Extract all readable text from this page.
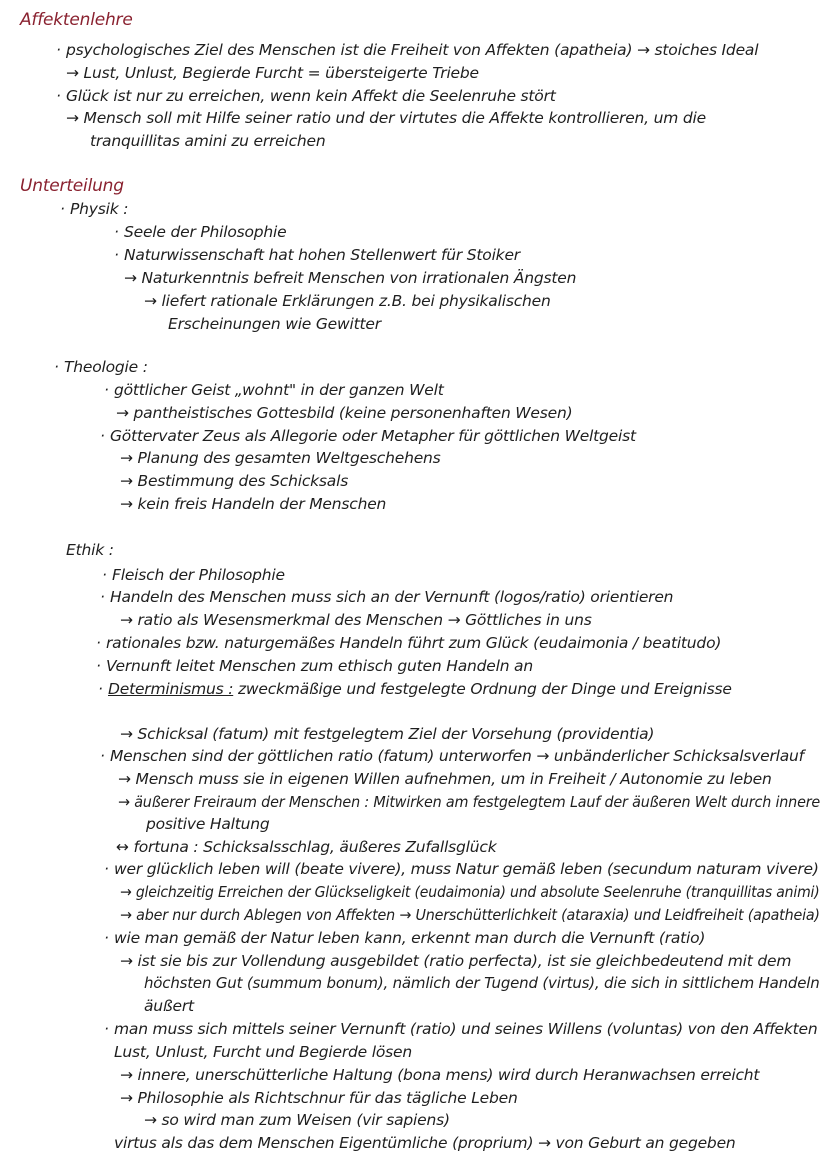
Affektenlehre
· psychologisches Ziel des Menschen ist die Freiheit von Affekten (apatheia) → stoiches Ideal
→ Lust, Unlust, Begierde Furcht = übersteigerte Triebe
· Glück ist nur zu erreichen, wenn kein Affekt die Seelenruhe stört
→ Mensch soll mit Hilfe seiner ratio und der virtutes die Affekte kontrollieren, um die
tranquillitas amini zu erreichen
Unterteilung
· Physik :
· Seele der Philosophie
· Naturwissenschaft hat hohen Stellenwert für Stoiker
→ Naturkenntnis befreit Menschen von irrationalen Ängsten
→ liefert rationale Erklärungen z.B. bei physikalischen
Erscheinungen wie Gewitter
· Theologie :
· göttlicher Geist „wohnt" in der ganzen Welt
→ pantheistisches Gottesbild (keine personenhaften Wesen)
· Göttervater Zeus als Allegorie oder Metapher für göttlichen Weltgeist
→ Planung des gesamten Weltgeschehens
→ Bestimmung des Schicksals
→ kein freis Handeln der Menschen
Ethik :
· Fleisch der Philosophie
· Handeln des Menschen muss sich an der Vernunft (logos/ratio) orientieren
→ ratio als Wesensmerkmal des Menschen → Göttliches in uns
· rationales bzw. naturgemäßes Handeln führt zum Glück (eudaimonia / beatitudo)
· Vernunft leitet Menschen zum ethisch guten Handeln an
· Determinismus : zweckmäßige und festgelegte Ordnung der Dinge und Ereignisse
→ Schicksal (fatum) mit festgelegtem Ziel der Vorsehung (providentia)
· Menschen sind der göttlichen ratio (fatum) unterworfen → unbänderlicher Schicksalsverlauf
→ Mensch muss sie in eigenen Willen aufnehmen, um in Freiheit / Autonomie zu leben
→ äußerer Freiraum der Menschen : Mitwirken am festgelegtem Lauf der äußeren Welt durch innere
positive Haltung
↔ fortuna : Schicksalsschlag, äußeres Zufallsglück
· wer glücklich leben will (beate vivere), muss Natur gemäß leben (secundum naturam vivere)
→ gleichzeitig Erreichen der Glückseligkeit (eudaimonia) und absolute Seelenruhe (tranquillitas animi)
→ aber nur durch Ablegen von Affekten → Unerschütterlichkeit (ataraxia) und Leidfreiheit (apatheia)
· wie man gemäß der Natur leben kann, erkennt man durch die Vernunft (ratio)
→ ist sie bis zur Vollendung ausgebildet (ratio perfecta), ist sie gleichbedeutend mit dem
höchsten Gut (summum bonum), nämlich der Tugend (virtus), die sich in sittlichem Handeln
äußert
· man muss sich mittels seiner Vernunft (ratio) und seines Willens (voluntas) von den Affekten
Lust, Unlust, Furcht und Begierde lösen
→ innere, unerschütterliche Haltung (bona mens) wird durch Heranwachsen erreicht
→ Philosophie als Richtschnur für das tägliche Leben
→ so wird man zum Weisen (vir sapiens)
virtus als das dem Menschen Eigentümliche (proprium) → von Geburt an gegeben
